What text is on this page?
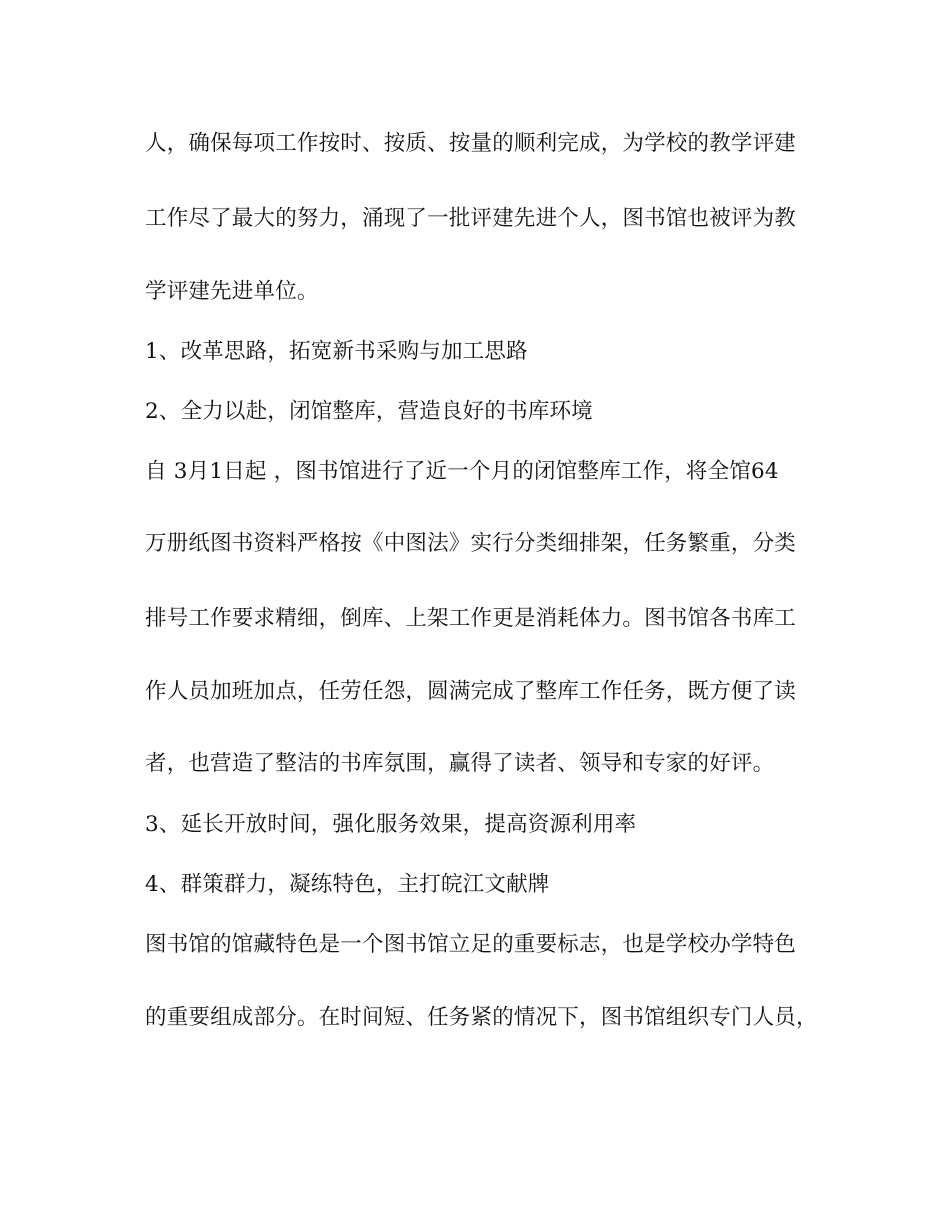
人，确保每项工作按时、按质、按量的顺利完成，为学校的教学评建
工作尽了最大的努力，涌现了一批评建先进个人，图书馆也被评为教
学评建先进单位。
1、改革思路，拓宽新书采购与加工思路
2、全力以赴，闭馆整库，营造良好的书库环境
自 3月1日起 ，图书馆进行了近一个月的闭馆整库工作，将全馆64
万册纸图书资料严格按《中图法》实行分类细排架，任务繁重，分类
排号工作要求精细，倒库、上架工作更是消耗体力。图书馆各书库工
作人员加班加点，任劳任怨，圆满完成了整库工作任务，既方便了读
者，也营造了整洁的书库氛围，赢得了读者、领导和专家的好评。
3、延长开放时间，强化服务效果，提高资源利用率
4、群策群力，凝练特色，主打皖江文献牌
图书馆的馆藏特色是一个图书馆立足的重要标志，也是学校办学特色
的重要组成部分。在时间短、任务紧的情况下，图书馆组织专门人员，
